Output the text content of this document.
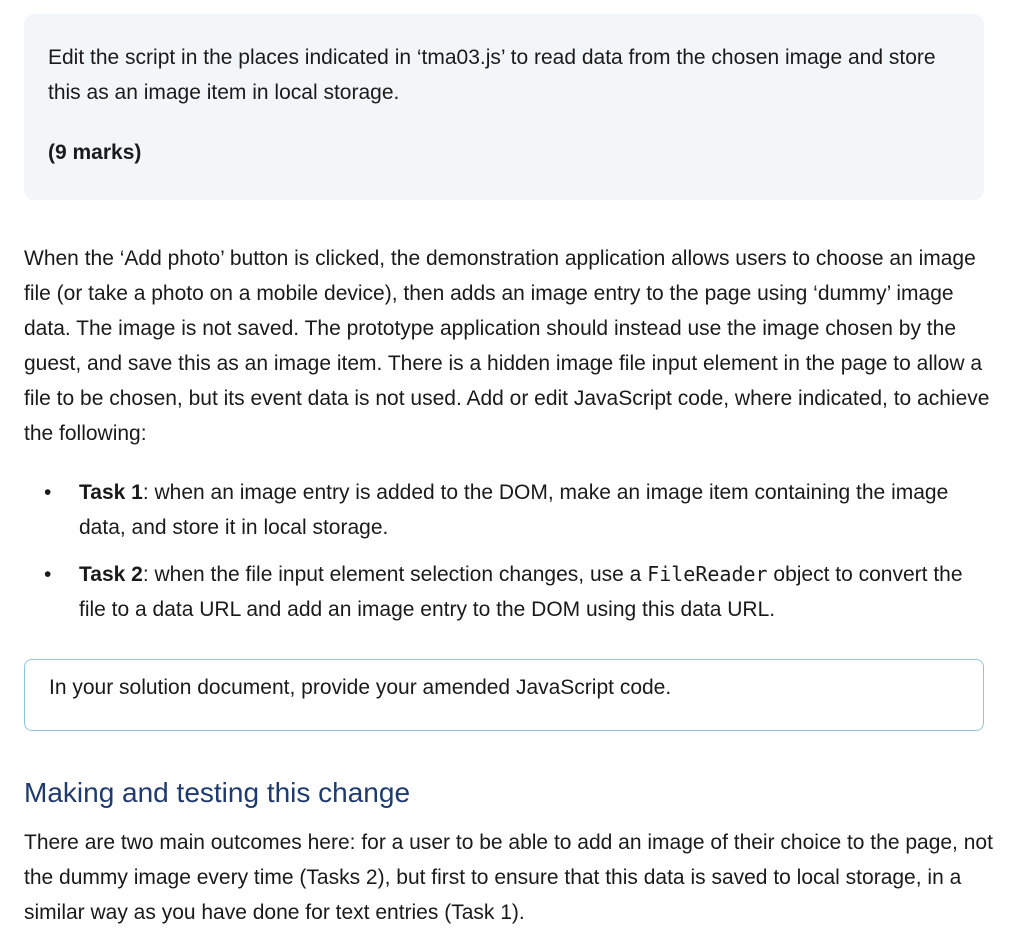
Edit the script in the places indicated in ‘tma03.js’ to read data from the chosen image and store this as an image item in local storage.

(9 marks)

When the ‘Add photo’ button is clicked, the demonstration application allows users to choose an image file (or take a photo on a mobile device), then adds an image entry to the page using ‘dummy’ image data. The image is not saved. The prototype application should instead use the image chosen by the guest, and save this as an image item. There is a hidden image file input element in the page to allow a file to be chosen, but its event data is not used. Add or edit JavaScript code, where indicated, to achieve the following:

• Task 1: when an image entry is added to the DOM, make an image item containing the image data, and store it in local storage.
• Task 2: when the file input element selection changes, use a FileReader object to convert the file to a data URL and add an image entry to the DOM using this data URL.
In your solution document, provide your amended JavaScript code.
Making and testing this change

There are two main outcomes here: for a user to be able to add an image of their choice to the page, not the dummy image every time (Tasks 2), but first to ensure that this data is saved to local storage, in a similar way as you have done for text entries (Task 1).
